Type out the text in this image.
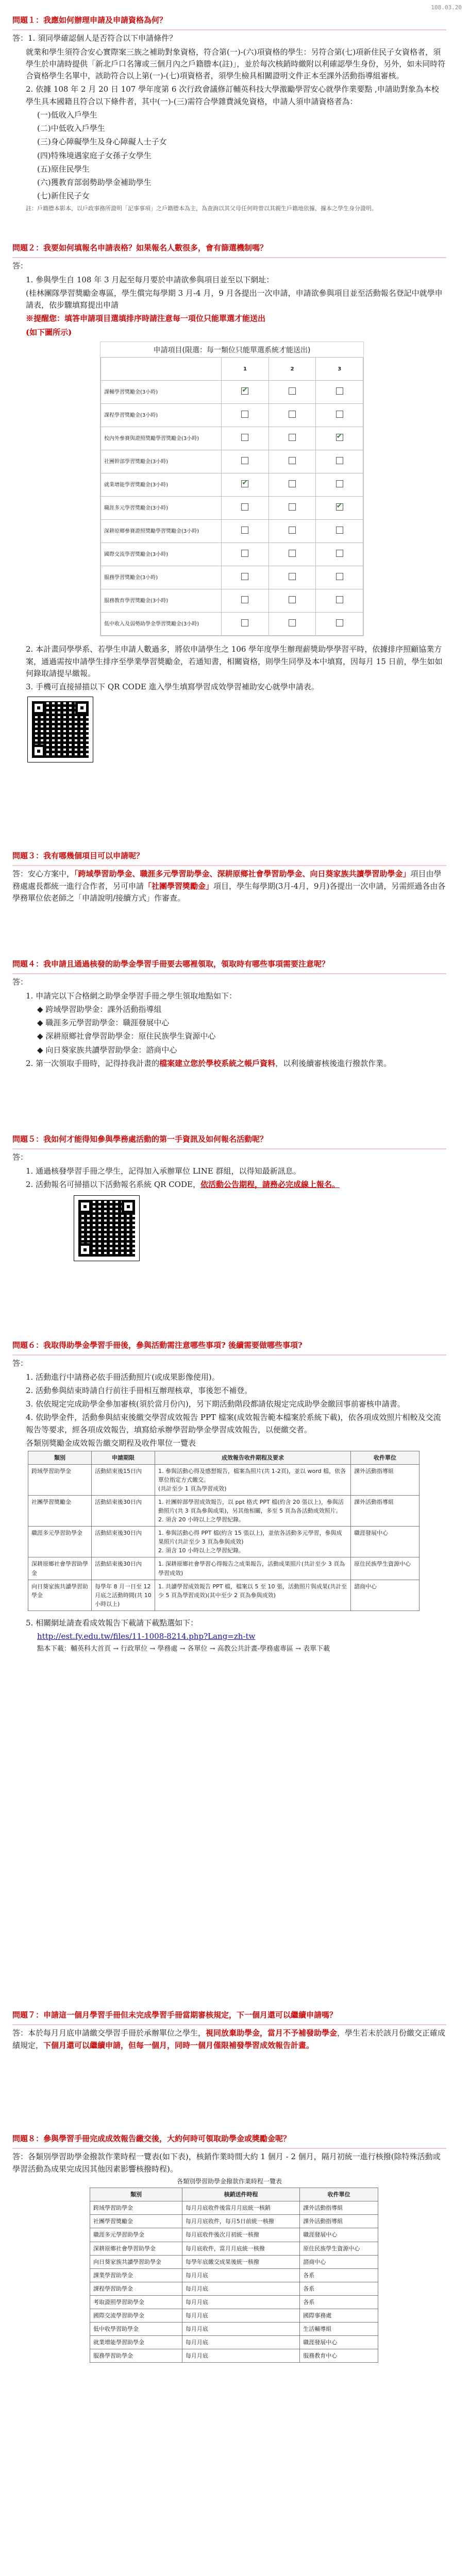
108.03.20

問題１：我應如何辦理申請及申請資格為何？

答：1. 須同學確認個人是否符合以下申請條件？

就業和學生須符合安心實際案三族之補助對象資格，符合第(一)-(六)項資格的學生：另符合第(七)項新住民子女資格者，須學生於申請時提供「新北戶口名簿或三個月內之戶籍謄本(註)」，並於每次核銷時繳附以利確認學生身份，另外，如未同時符合資格學生名單中，該助符合以上第(一)-(七)項資格者，須學生檢具相關證明文件正本至課外活動指導組審核。

2. 依據 108 年 2 月 20 日 107 學年度第 6 次行政會議修訂輔英科技大學激勵學習安心就學作業要點 ,申請助對象為本校學生具本國籍且符合以下條件者，其中(一)-(三)需符合學雜費減免資格，申請人須申請資格者為：

(一)低收入戶學生

(二)中低收入戶學生

(三)身心障礙學生及身心障礙人士子女

(四)特殊境遇家庭子女孫子女學生

(五)原住民學生

(六)獲教育部弱勢助學金補助學生

(七)新住民子女

註：戶籍謄本影本，以戶政事務所證明「記事事項」之戶籍謄本為主，為查詢以其父母任何時曾以其親生戶籍地依據，據本之學生身分證明。

問題２：我要如何填報名申請表格？如果報名人數很多，會有篩選機制嗎？

答：

1. 參與學生自 108 年 3 月起至每月要於申請欲參與項目並至以下網址：

(桂林團隊學習獎勵金專區，學生償完每學期 3 月-4 月，9 月各提出一次申請，申請欲參與項目並至活動報名登記中就學申請表，依步驟填寫提出申請

※提醒您：填答申請項目選填排序時請注意每一項位只能單選才能送出

(如下圖所示)

申請項目(限選：每一類位只能單選系統才能送出)
	1	2	3
課輔學習獎勵金(3小時)	✔		
課程學習獎勵金(3小時)			
校內外參賽與證照獎勵學習獎勵金(3小時)			✔
社團幹部學習獎勵金(3小時)			
就業增能學習獎勵金(3小時)	✔		
職涯多元學習獎勵金(3小時)			✔
深耕原鄉參賽證照獎勵學習獎勵金(3小時)			
國際交流學習獎勵金(3小時)			
服務學習獎勵金(3小時)			
服務教育學習獎勵金(3小時)			
低中收入及弱勢助學金學習獎勵金(3小時)			

2. 本計畫同學學系、若學生申請人數過多，將依申請學生之 106 學年度學生辦理薪獎助學學習平時，依據排序照顧協業方案，通過需按申請學生排序至學業學習獎勵金，若通知書，相關資格，則學生同學及本中填寫，因每月 15 日前，學生如如何錄取請提早繳報。

3. 手機可直接掃描以下 QR CODE 進入學生填寫學習成效學習補助安心就學申請表。

問題３：我有哪幾個項目可以申請呢？

答：安心方案中，「跨域學習助學金、職涯多元學習助學金、深耕原鄉社會學習助學金、向日葵家族共讀學習助學金」項目由學務處處長都統一進行合作者，另可申請「社團學習獎勵金」項目，學生每學期(3月-4月，9月)各提出一次申請，另需經過各由各學務單位依老師之「申請說明/接續方式」作審查。

問題４：我申請且通過核發的助學金學習手冊要去哪裡領取，領取時有哪些事項需要注意呢？

答：

1. 申請完以下合格網之助學金學習手冊之學生領取地點如下：

◆ 跨域學習助學金：課外活動指導組

◆ 職涯多元學習助學金：職涯發展中心

◆ 深耕原鄉社會學習助學金：原住民族學生資源中心

◆ 向日葵家族共讀學習助學金：諮商中心

2. 第一次領取手冊時，記得持我計畫的檔案建立您於學校系統之帳戶資料，以利後續審核後進行撥款作業。

問題５：我如何才能得知參與學務處活動的第一手資訊及如何報名活動呢？

答：

1. 通過核發學習手冊之學生，記得加入承辦單位 LINE 群組，以得知最新訊息。

2. 活動報名可掃描以下活動報名系統 QR CODE，依活動公告期程，請務必完成線上報名。

問題６：我取得助學金學習手冊後，參與活動需注意哪些事項? 後續需要做哪些事項?

答：

1. 活動進行中請務必依手冊活動照片(或成果影像使用)。

2. 活動參與結束時請自行前往手冊相互辦理核章，事後恕不補登。

3. 依依規定完成助學金參加審核(須於當月份內)，另下期活動階段都請依規定完成助學金繳回事前審核申請書。

4. 依助學金件，活動參與結束後繳交學習成效報告 PPT 檔案(成效報告範本檔案於系統下載)，依各項成效照片相較及交流報告等要求，經各項成效報告，填寫給承辦學習助學金學習成效報告，以便繳交者。

各類別獎勵金成效報告繳交期程及收件單位一覽表

類別	申請期限	成效報告收件期程及要求	收件單位
跨域學習助學金	活動結束後15日內	1. 參與活動心得及感想報告，檔案為照片(共 1-2頁)，並以 word 檔，依各單位指定方式繳交。
(共計至少 1 頁為學習成效)	課外活動指導組
社團學習獎勵金	活動結束後30日內	1. 社團幹部學習成效報告，以 ppt 格式 PPT 檔(約含 20 張以上)，參與活動照片(共 3 頁為參與成果)，另其他相關，多至 5 頁為各活動成效照片。
2. 須含 20 小時以上之學習紀錄。	課外活動指導組
職涯多元學習助學金	活動結束後30日內	1. 參與活動心得 PPT 檔(約含 15 張以上)，並依各活動多元學習，參與成果照片(共計至少 3 頁為參與成效)
2. 須含 10 小時以上之學習紀錄。	職涯發展中心
深耕原鄉社會學習助學金	活動結束後30日內	1. 深耕原鄉社會學習心得報告之成果報告，活動成果照片(共計至少 3 頁為學習成效)	原住民族學生資源中心
向日葵家族共讀學習助學金	每學年 8 月一日至 12 月底之活動時間(共 10 小時以上)	1. 共讀學習成效報告 PPT 檔，檔案以 5 至 10 張，活動照片與成果(共計至少 5 頁為學習成效)(其中至少 2 頁為參與成效)	諮商中心

5. 相關網址請查看成效報告下載請下載點選如下：

http://est.fy.edu.tw/files/11-1008-8214.php?Lang=zh-tw

點本下載：輔英科大首頁 → 行政單位 → 學務處 → 各單位 → 高教公共計畫-學務處專區 → 表單下載

問題７：申請這一個月學習手冊但未完成學習手冊當期審核規定，下一個月還可以繼續申請嗎？

答：本於每月月底申請繳交學習手冊於承辦單位之學生，視同放棄助學金，當月不予補發助學金，學生若未於該月份繳交正確成績規定，下個月還可以繼續申請，但每一個月，同時一個月僅限補發學習成效報告計畫。

問題８：參與學習手冊完成成效報告繳交後，大約何時可領取助學金或獎勵金呢？

答：各類別學習助學金撥款作業時程一覽表(如下表)，核銷作業時間大約 1 個月 - 2 個月，隔月初統一進行核撥(除特殊活動或學習活動為成果完成因其他因素影響核撥時程)。

各類別學習助學金撥款作業時程一覽表

類別	核銷送件時程	收件單位
跨域學習助學金	每月月底收件後當月月底統一核銷	課外活動指導組
社團學習獎勵金	每月月底收件，每月5日前統一核撥	課外活動指導組
職涯多元學習助學金	每月底收件後次月初統一核撥	職涯發展中心
深耕原鄉社會學習助學金	每月底收件，當月月底統一核撥	原住民族學生資源中心
向日葵家族共讀學習助學金	每學年底繳交成果後統一核撥	諮商中心
課業學習助學金	每月月底	各系
課程學習助學金	每月月底	各系
考取證照學習助學金	每月月底	各系
國際交流學習助學金	每月月底	國際事務處
低中收學習助學金	每月月底	生活輔導組
就業增能學習助學金	每月月底	職涯發展中心
服務學習助學金	每月月底	服務教育中心
